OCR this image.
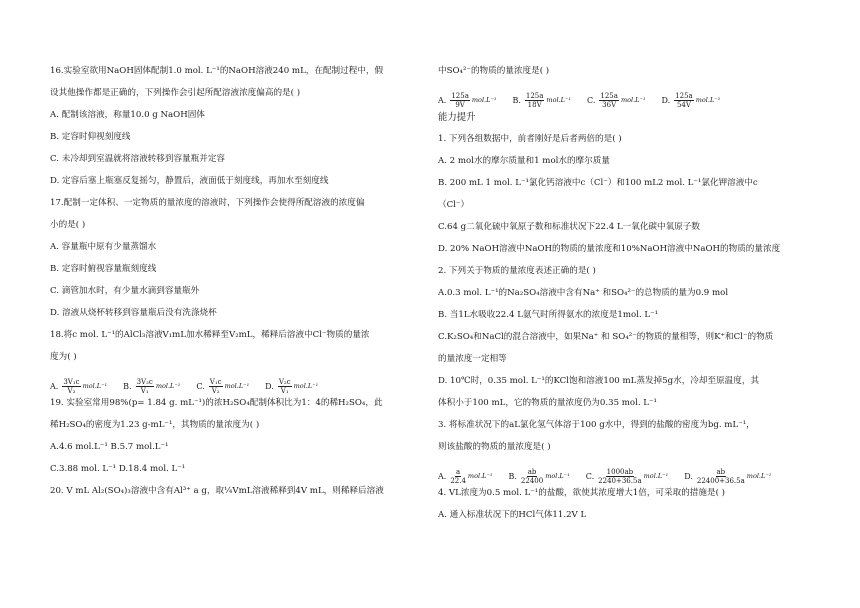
16.实验室欲用NaOH固体配制1.0 mol. L⁻¹的NaOH溶液240 mL，在配制过程中，假
设其他操作都是正确的，下列操作会引起所配溶液浓度偏高的是( )
A. 配制该溶液，称量10.0 g NaOH固体
B. 定容时仰视刻度线
C. 未冷却到室温就将溶液转移到容量瓶并定容
D. 定容后塞上瓶塞反复摇匀，静置后，液面低于刻度线，再加水至刻度线
17.配制一定体积、一定物质的量浓度的溶液时，下列操作会使得所配溶液的浓度偏
小的是( )
A. 容量瓶中原有少量蒸馏水
B. 定容时俯视容量瓶刻度线
C. 滴管加水时，有少量水滴到容量瓶外
D. 溶液从烧杯转移到容量瓶后没有洗涤烧杯
18.将c mol. L⁻¹的AlCl₃溶液V₁mL加水稀释至V₂mL，稀释后溶液中Cl⁻物质的量浓
度为( )
A. $\frac{\text{3V₁c}}{\text{V₂}} mol.L^{-1}$ B. $\frac{\text{3V₂c}}{\text{V₁}} mol.L^{-1}$ C. $\frac{\text{V₁c}}{\text{V₂}} mol.L^{-1}$ D. $\frac{\text{V₂c}}{\text{V₁}} mol.L^{-1}$
19. 实验室常用98%(p= 1.84 g. mL⁻¹)的浓H₂SO₄配制体积比为1：4的稀H₂SO₄，此
稀H₂SO₄的密度为1.23 g-mL⁻¹，其物质的量浓度为( )
A.4.6 mol.L⁻¹ B.5.7 mol.L⁻¹
C.3.88 mol. L⁻¹ D.18.4 mol. L⁻¹
20. V mL Al₂(SO₄)₃溶液中含有Al³⁺ a g，取¼VmL溶液稀释到4V mL，则稀释后溶液
中SO₄²⁻的物质的量浓度是( )
A. $\frac{125a}{9V} mol.L^{-1}$ B. $\frac{125a}{18V} mol.L^{-1}$ C. $\frac{125a}{36V} mol.L^{-1}$ D. $\frac{125a}{54V} mol.L^{-1}$
能力提升
1. 下列各组数据中，前者刚好是后者两倍的是( )
A. 2 mol水的摩尔质量和1 mol水的摩尔质量
B. 200 mL 1 mol. L⁻¹氯化钙溶液中c（Cl⁻）和100 mL2 mol. L⁻¹氯化钾溶液中c
（Cl⁻）
C.64 g二氧化硫中氧原子数和标准状况下22.4 L一氧化碳中氧原子数
D. 20% NaOH溶液中NaOH的物质的量浓度和10%NaOH溶液中NaOH的物质的量浓度
2. 下列关于物质的量浓度表述正确的是( )
A.0.3 mol. L⁻¹的Na₂SO₄溶液中含有Na⁺ 和SO₄²⁻的总物质的量为0.9 mol
B. 当1L水吸收22.4 L氨气时所得氨水的浓度是1mol. L⁻¹
C.K₂SO₄和NaCl的混合溶液中，如果Na⁺ 和 SO₄²⁻的物质的量相等，则K⁺和Cl⁻的物质
的量浓度一定相等
D. 10℃时，0.35 mol. L⁻¹的KCl饱和溶液100 mL蒸发掉5g水，冷却至原温度，其
体积小于100 mL，它的物质的量浓度仍为0.35 mol. L⁻¹
3. 将标准状况下的aL氯化氢气体溶于100 g水中，得到的盐酸的密度为bg. mL⁻¹，
则该盐酸的物质的量浓度是( )
A. $\frac{a}{22.4} mol.L^{-1}$ B. $\frac{ab}{22400} mol.L^{-1}$ C. $\frac{1000ab}{2240+36.5a} mol.L^{-1}$ D. $\frac{ab}{22400+36.5a} mol.L^{-1}$
4. VL浓度为0.5 mol. L⁻¹的盐酸，欲使其浓度增大1倍，可采取的措施是( )
A. 通入标准状况下的HCl气体11.2V L
